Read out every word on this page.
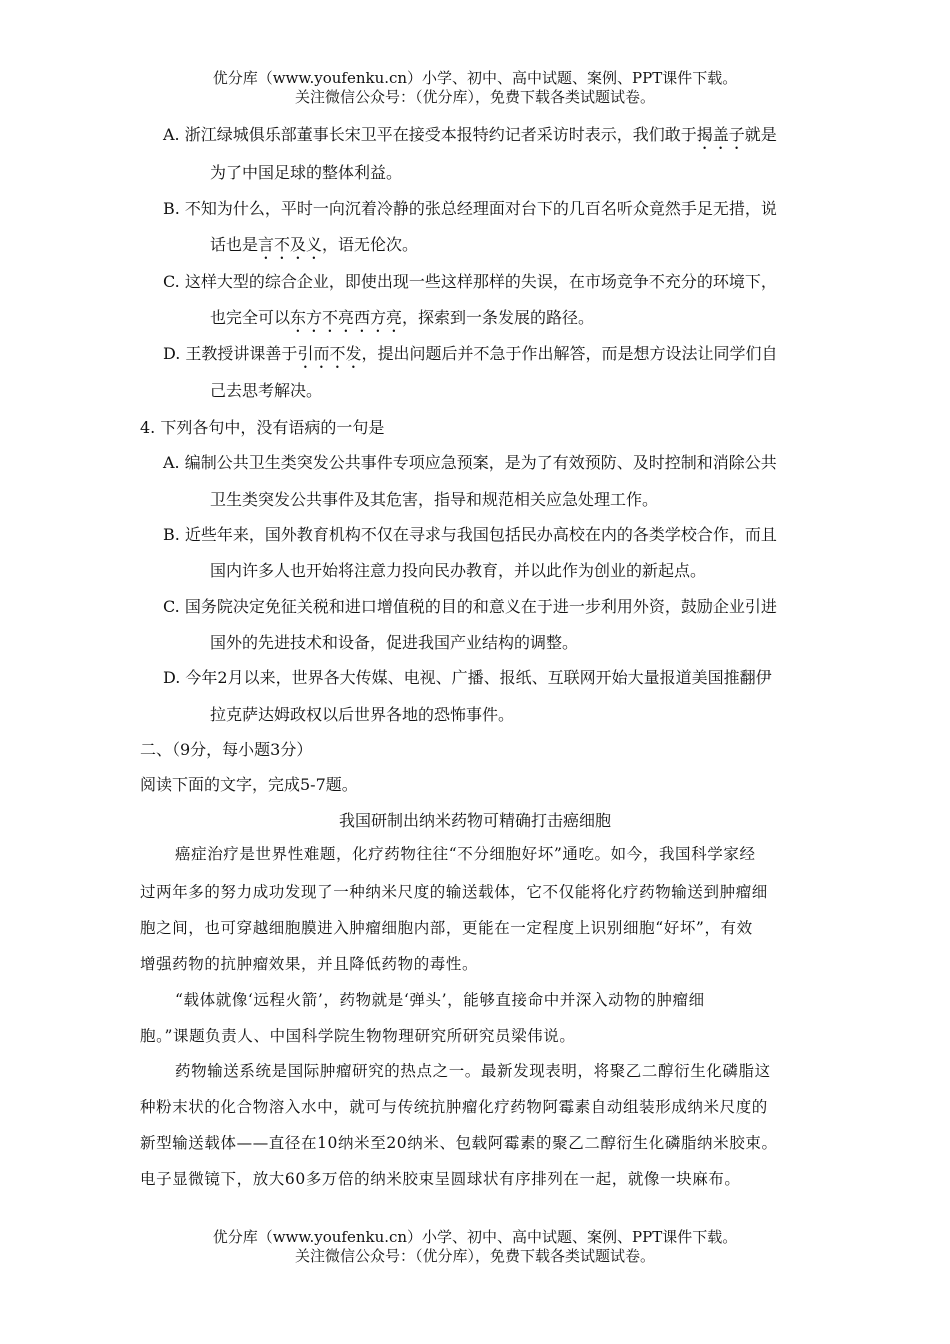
优分库（www.youfenku.cn）小学、初中、高中试题、案例、PPT课件下载。
关注微信公众号：（优分库），免费下载各类试题试卷。
A. 浙江绿城俱乐部董事长宋卫平在接受本报特约记者采访时表示，我们敢于揭盖子就是
为了中国足球的整体利益。
B. 不知为什么，平时一向沉着冷静的张总经理面对台下的几百名听众竟然手足无措，说
话也是言不及义，语无伦次。
C. 这样大型的综合企业，即使出现一些这样那样的失误，在市场竞争不充分的环境下，
也完全可以东方不亮西方亮，探索到一条发展的路径。
D. 王教授讲课善于引而不发，提出问题后并不急于作出解答，而是想方设法让同学们自
己去思考解决。
4. 下列各句中，没有语病的一句是
A. 编制公共卫生类突发公共事件专项应急预案，是为了有效预防、及时控制和消除公共
卫生类突发公共事件及其危害，指导和规范相关应急处理工作。
B. 近些年来，国外教育机构不仅在寻求与我国包括民办高校在内的各类学校合作，而且
国内许多人也开始将注意力投向民办教育，并以此作为创业的新起点。
C. 国务院决定免征关税和进口增值税的目的和意义在于进一步利用外资，鼓励企业引进
国外的先进技术和设备，促进我国产业结构的调整。
D. 今年2月以来，世界各大传媒、电视、广播、报纸、互联网开始大量报道美国推翻伊
拉克萨达姆政权以后世界各地的恐怖事件。
二、（9分，每小题3分）
阅读下面的文字，完成5-7题。
我国研制出纳米药物可精确打击癌细胞
癌症治疗是世界性难题，化疗药物往往“不分细胞好坏”通吃。如今，我国科学家经
过两年多的努力成功发现了一种纳米尺度的输送载体，它不仅能将化疗药物输送到肿瘤细
胞之间，也可穿越细胞膜进入肿瘤细胞内部，更能在一定程度上识别细胞“好坏”，有效
增强药物的抗肿瘤效果，并且降低药物的毒性。
“载体就像‘远程火箭’，药物就是‘弹头’，能够直接命中并深入动物的肿瘤细
胞。”课题负责人、中国科学院生物物理研究所研究员梁伟说。
药物输送系统是国际肿瘤研究的热点之一。最新发现表明，将聚乙二醇衍生化磷脂这
种粉末状的化合物溶入水中，就可与传统抗肿瘤化疗药物阿霉素自动组装形成纳米尺度的
新型输送载体——直径在10纳米至20纳米、包载阿霉素的聚乙二醇衍生化磷脂纳米胶束。
电子显微镜下，放大60多万倍的纳米胶束呈圆球状有序排列在一起，就像一块麻布。
优分库（www.youfenku.cn）小学、初中、高中试题、案例、PPT课件下载。
关注微信公众号：（优分库），免费下载各类试题试卷。
